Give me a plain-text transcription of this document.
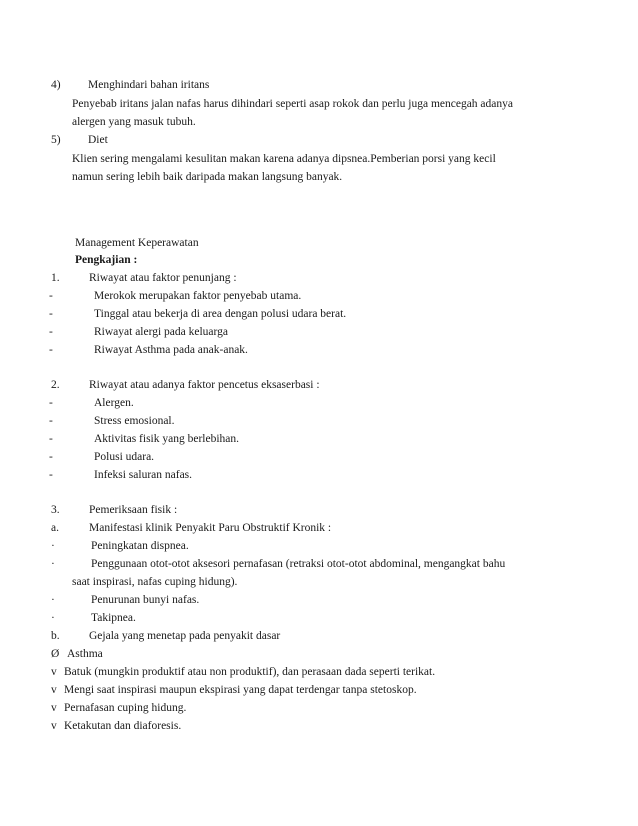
4) Menghindari bahan iritans
Penyebab iritans jalan nafas harus dihindari seperti asap rokok dan perlu juga mencegah adanya
alergen yang masuk tubuh.
5) Diet
Klien sering mengalami kesulitan makan karena adanya dipsnea.Pemberian porsi yang kecil
namun sering lebih baik daripada makan langsung banyak.
Management Keperawatan
Pengkajian :
1.	Riwayat atau faktor penunjang :
-	Merokok merupakan faktor penyebab utama.
-	Tinggal atau bekerja di area dengan polusi udara berat.
-	Riwayat alergi pada keluarga
-	Riwayat Asthma pada anak-anak.
2.	Riwayat atau adanya faktor pencetus eksaserbasi :
-	Alergen.
-	Stress emosional.
-	Aktivitas fisik yang berlebihan.
-	Polusi udara.
-	Infeksi saluran nafas.
3.	Pemeriksaan fisik :
a.	Manifestasi klinik Penyakit Paru Obstruktif Kronik :
·	Peningkatan dispnea.
·	Penggunaan otot-otot aksesori pernafasan (retraksi otot-otot abdominal, mengangkat bahu
saat inspirasi, nafas cuping hidung).
·	Penurunan bunyi nafas.
·	Takipnea.
b.	Gejala yang menetap pada penyakit dasar
Ø Asthma
v Batuk (mungkin produktif atau non produktif), dan perasaan dada seperti terikat.
v Mengi saat inspirasi maupun ekspirasi yang dapat terdengar tanpa stetoskop.
v Pernafasan cuping hidung.
v Ketakutan dan diaforesis.
